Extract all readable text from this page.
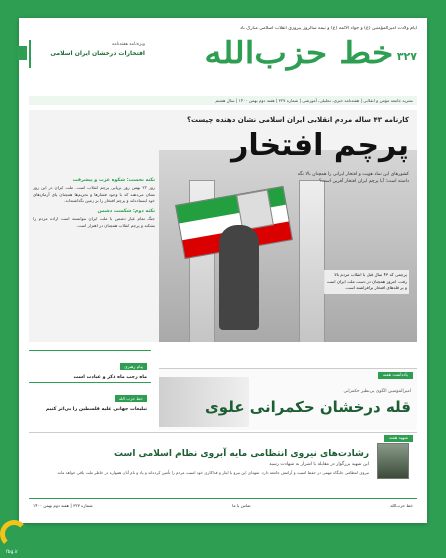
ایام ولادت امیرالمؤمنین (ع) و جواد الائمه (ع) و نیمه سالروز پیروزی انقلاب اسلامی مبارک باد
ویژه‌نامه هفته‌نامه
افتخارات درخشان ایران اسلامی خط حزب‌الله ۳۲۷
نشریه جامعه مؤمن و انقلابی | هفته‌نامه خبری، تحلیلی، آموزشی | شماره ۳۲۷ | هفته دوم بهمن ۱۴۰۰ | سال هشتم
کارنامه ۴۳ ساله مردم انقلابی ایران اسلامی نشان دهنده چیست؟
پرچم افتخار
کشورهای این نماد هویت و افتخار ایرانی را همچنان بالا نگه داشته است؛ آیا پرچم ایران افتخار آفرین است؟
نکته نخست: شکوه عزت و پیشرفت
روز ۲۲ بهمن روز برپایی پرچم انقلاب است. ملت ایران در این روز نشان می‌دهند که با وجود فشارها و تحریم‌ها همچنان پای آرمان‌های خود ایستاده‌اند و پرچم افتخار را بر زمین نگذاشته‌اند.
نکته دوم: شکست دشمن
جنگ تمام عیار دشمن با ملت ایران نتوانسته است اراده مردم را بشکند و پرچم انقلاب همچنان در اهتزاز است.
پرچمی که ۴۳ سال قبل با انقلاب مردم بالا رفت، امروز همچنان در دست ملت ایران است و بر قله‌های افتخار برافراشته است.
پیام رهبری
ماه رجب ماه ذکر و عبادت است
خط حزب الله
تبلیغات جهانی علیه فلسطین را بی‌اثر کنیم
یادداشت هفته
امیرالمؤمنین الگوی بی‌نظیر حکمرانی
قله درخشان حکمرانی علوی
شهید هفته
رشادت‌های نیروی انتظامی مایه آبروی نظام اسلامی است
این شهید بزرگوار در مقابله با اشرار به شهادت رسید
نیروی انتظامی جایگاه مهمی در حفظ امنیت و آرامش جامعه دارد. شهدای این نیرو با ایثار و فداکاری خود امنیت مردم را تأمین کرده‌اند و یاد و نام آنان همواره در خاطر ملت باقی خواهد ماند.
خط حزب‌الله
تماس با ما
شماره ۳۲۷ | هفته دوم بهمن ۱۴۰۰
fbg.ir
